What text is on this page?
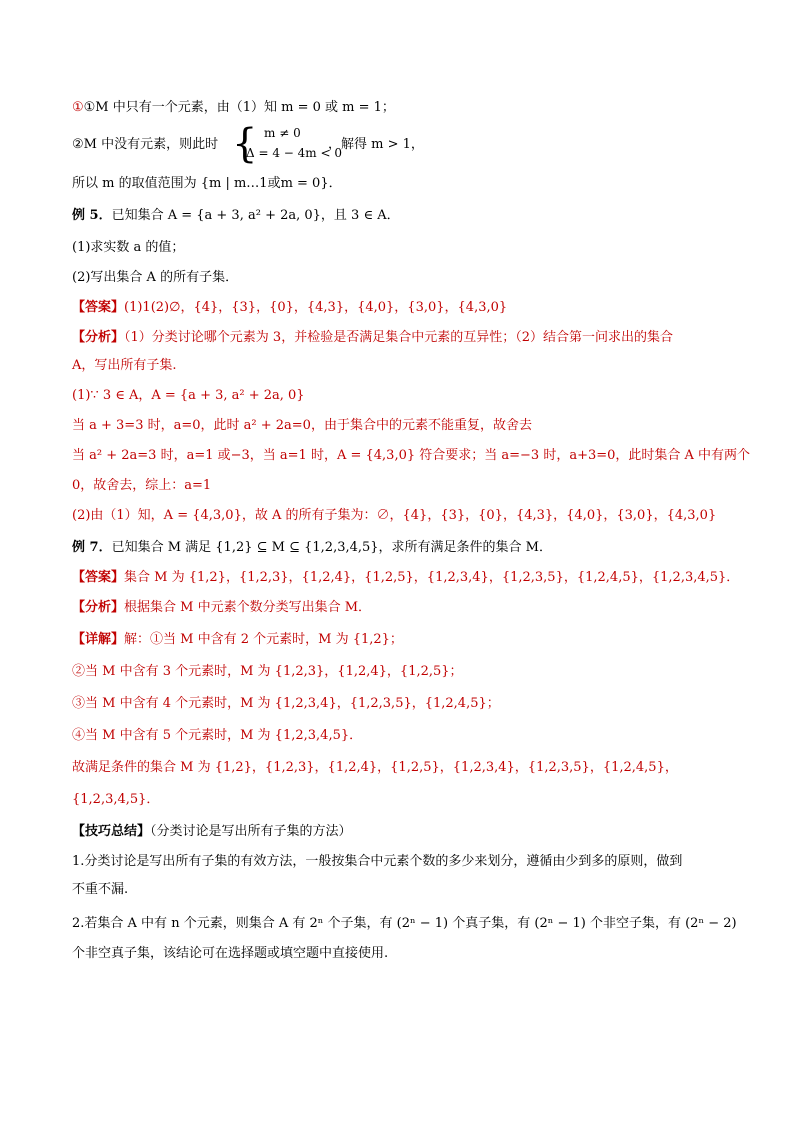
①①M 中只有一个元素，由（1）知 m = 0 或 m = 1；
②M 中没有元素，则此时 { m ≠ 0
Δ = 4 − 4m < 0
，解得 m > 1，
所以 m 的取值范围为 {m | m…1或m = 0}．
例 5．已知集合 A = {a + 3, a² + 2a, 0}，且 3 ∈ A．
(1)求实数 a 的值；
(2)写出集合 A 的所有子集．
【答案】(1)1(2)∅，{4}，{3}，{0}，{4,3}，{4,0}，{3,0}，{4,3,0}
【分析】（1）分类讨论哪个元素为 3，并检验是否满足集合中元素的互异性；（2）结合第一问求出的集合
A，写出所有子集.
(1)∵ 3 ∈ A，A = {a + 3, a² + 2a, 0}
当 a + 3=3 时，a=0，此时 a² + 2a=0，由于集合中的元素不能重复，故舍去
当 a² + 2a=3 时，a=1 或−3，当 a=1 时，A = {4,3,0} 符合要求；当 a=−3 时，a+3=0，此时集合 A 中有两个
0，故舍去，综上：a=1
(2)由（1）知，A = {4,3,0}，故 A 的所有子集为：∅，{4}，{3}，{0}，{4,3}，{4,0}，{3,0}，{4,3,0}
例 7．已知集合 M 满足 {1,2} ⊆ M ⊆ {1,2,3,4,5}，求所有满足条件的集合 M．
【答案】集合 M 为 {1,2}，{1,2,3}，{1,2,4}，{1,2,5}，{1,2,3,4}，{1,2,3,5}，{1,2,4,5}，{1,2,3,4,5}．
【分析】根据集合 M 中元素个数分类写出集合 M．
【详解】解：①当 M 中含有 2 个元素时，M 为 {1,2}；
②当 M 中含有 3 个元素时，M 为 {1,2,3}，{1,2,4}，{1,2,5}；
③当 M 中含有 4 个元素时，M 为 {1,2,3,4}，{1,2,3,5}，{1,2,4,5}；
④当 M 中含有 5 个元素时，M 为 {1,2,3,4,5}．
故满足条件的集合 M 为 {1,2}，{1,2,3}，{1,2,4}，{1,2,5}，{1,2,3,4}，{1,2,3,5}，{1,2,4,5}，
{1,2,3,4,5}．
【技巧总结】（分类讨论是写出所有子集的方法）
1.分类讨论是写出所有子集的有效方法，一般按集合中元素个数的多少来划分，遵循由少到多的原则，做到
不重不漏.
2.若集合 A 中有 n 个元素，则集合 A 有 2ⁿ 个子集，有 (2ⁿ − 1) 个真子集，有 (2ⁿ − 1) 个非空子集，有 (2ⁿ − 2)
个非空真子集，该结论可在选择题或填空题中直接使用.
